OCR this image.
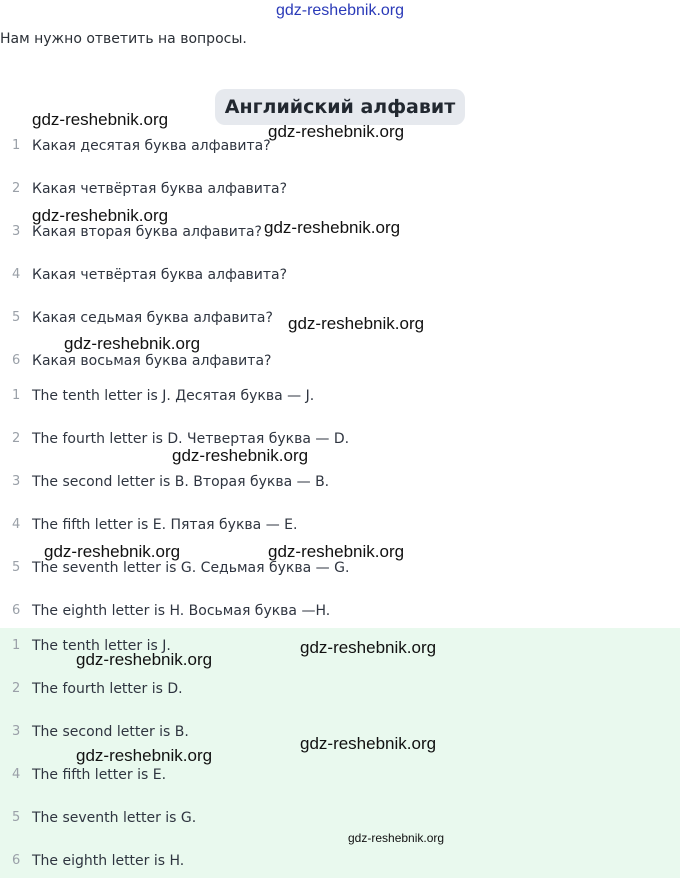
gdz-reshebnik.org
Нам нужно ответить на вопросы.
Английский алфавит
1 Какая десятая буква алфавита?
2 Какая четвёртая буква алфавита?
3 Какая вторая буква алфавита?
4 Какая четвёртая буква алфавита?
5 Какая седьмая буква алфавита?
6 Какая восьмая буква алфавита?
1 The tenth letter is J. Десятая буква — J.
2 The fourth letter is D. Четвертая буква — D.
3 The second letter is B. Вторая буква — B.
4 The fifth letter is E. Пятая буква — E.
5 The seventh letter is G. Седьмая буква — G.
6 The eighth letter is H. Восьмая буква —H.
1 The tenth letter is J.
2 The fourth letter is D.
3 The second letter is B.
4 The fifth letter is E.
5 The seventh letter is G.
6 The eighth letter is H.
gdz-reshebnik.org
gdz-reshebnik.org
gdz-reshebnik.org
gdz-reshebnik.org
gdz-reshebnik.org
gdz-reshebnik.org
gdz-reshebnik.org
gdz-reshebnik.org	gdz-reshebnik.org
gdz-reshebnik.org
gdz-reshebnik.org
gdz-reshebnik.org
gdz-reshebnik.org
gdz-reshebnik.org
